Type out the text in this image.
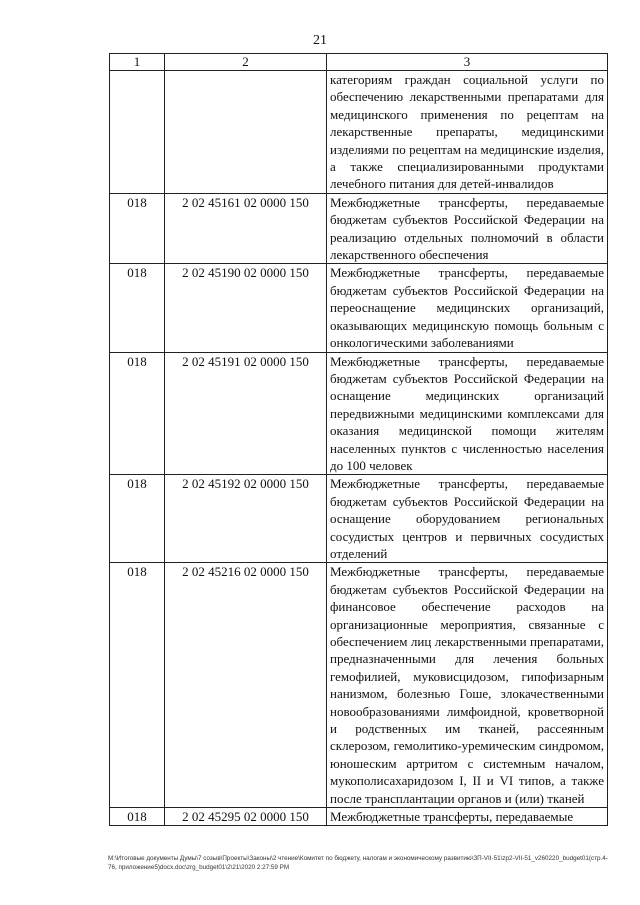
21
1	2	3
		категориям граждан социальной услуги по обеспечению лекарственными препаратами для медицинского применения по рецептам на лекарственные препараты, медицинскими изделиями по рецептам на медицинские изделия, а также специализированными продуктами лечебного питания для детей-инвалидов
018	2 02 45161 02 0000 150	Межбюджетные трансферты, передаваемые бюджетам субъектов Российской Федерации на реализацию отдельных полномочий в области лекарственного обеспечения
018	2 02 45190 02 0000 150	Межбюджетные трансферты, передаваемые бюджетам субъектов Российской Федерации на переоснащение медицинских организаций, оказывающих медицинскую помощь больным с онкологическими заболеваниями
018	2 02 45191 02 0000 150	Межбюджетные трансферты, передаваемые бюджетам субъектов Российской Федерации на оснащение медицинских организаций передвижными медицинскими комплексами для оказания медицинской помощи жителям населенных пунктов с численностью населения до 100 человек
018	2 02 45192 02 0000 150	Межбюджетные трансферты, передаваемые бюджетам субъектов Российской Федерации на оснащение оборудованием региональных сосудистых центров и первичных сосудистых отделений
018	2 02 45216 02 0000 150	Межбюджетные трансферты, передаваемые бюджетам субъектов Российской Федерации на финансовое обеспечение расходов на организационные мероприятия, связанные с обеспечением лиц лекарственными препаратами, предназначенными для лечения больных гемофилией, муковисцидозом, гипофизарным нанизмом, болезнью Гоше, злокачественными новообразованиями лимфоидной, кроветворной и родственных им тканей, рассеянным склерозом, гемолитико-уремическим синдромом, юношеским артритом с системным началом, мукополисахаридозом I, II и VI типов, а также после трансплантации органов и (или) тканей
018	2 02 45295 02 0000 150	Межбюджетные трансферты, передаваемые
М:\Итоговые документы Думы\7 созыв\Проекты\Законы\2 чтение\Комитет по бюджету, налогам и экономическому развитию\ЗП-VII-51\zp2-VII-51_v260220_budget01(стр.4-76, приложение5)docx.doc\zrg_budget01\2\21\2020 2:27:59 PM
